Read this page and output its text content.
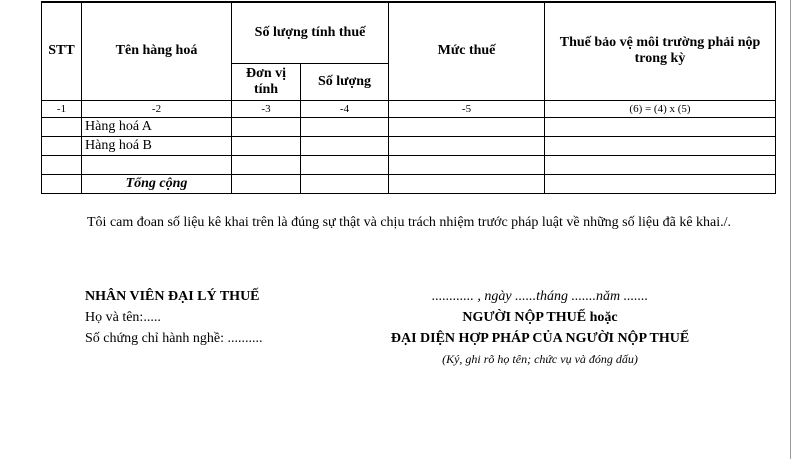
STT	Tên hàng hoá	Số lượng tính thuế		Mức thuế	Thuế bảo vệ môi trường phải nộp trong kỳ
		Đơn vị tính	Số lượng		
-1	-2	-3	-4	-5	(6) = (4) x (5)
	Hàng hoá A				
	Hàng hoá B				

	Tổng cộng				

Tôi cam đoan số liệu kê khai trên là đúng sự thật và chịu trách nhiệm trước pháp luật về những số liệu đã kê khai./.

NHÂN VIÊN ĐẠI LÝ THUẾ
Họ và tên:.....
Số chứng chỉ hành nghề: ..........
............ , ngày ......tháng .......năm .......
NGƯỜI NỘP THUẾ hoặc
ĐẠI DIỆN HỢP PHÁP CỦA NGƯỜI NỘP THUẾ
(Ký, ghi rõ họ tên; chức vụ và đóng dấu)
